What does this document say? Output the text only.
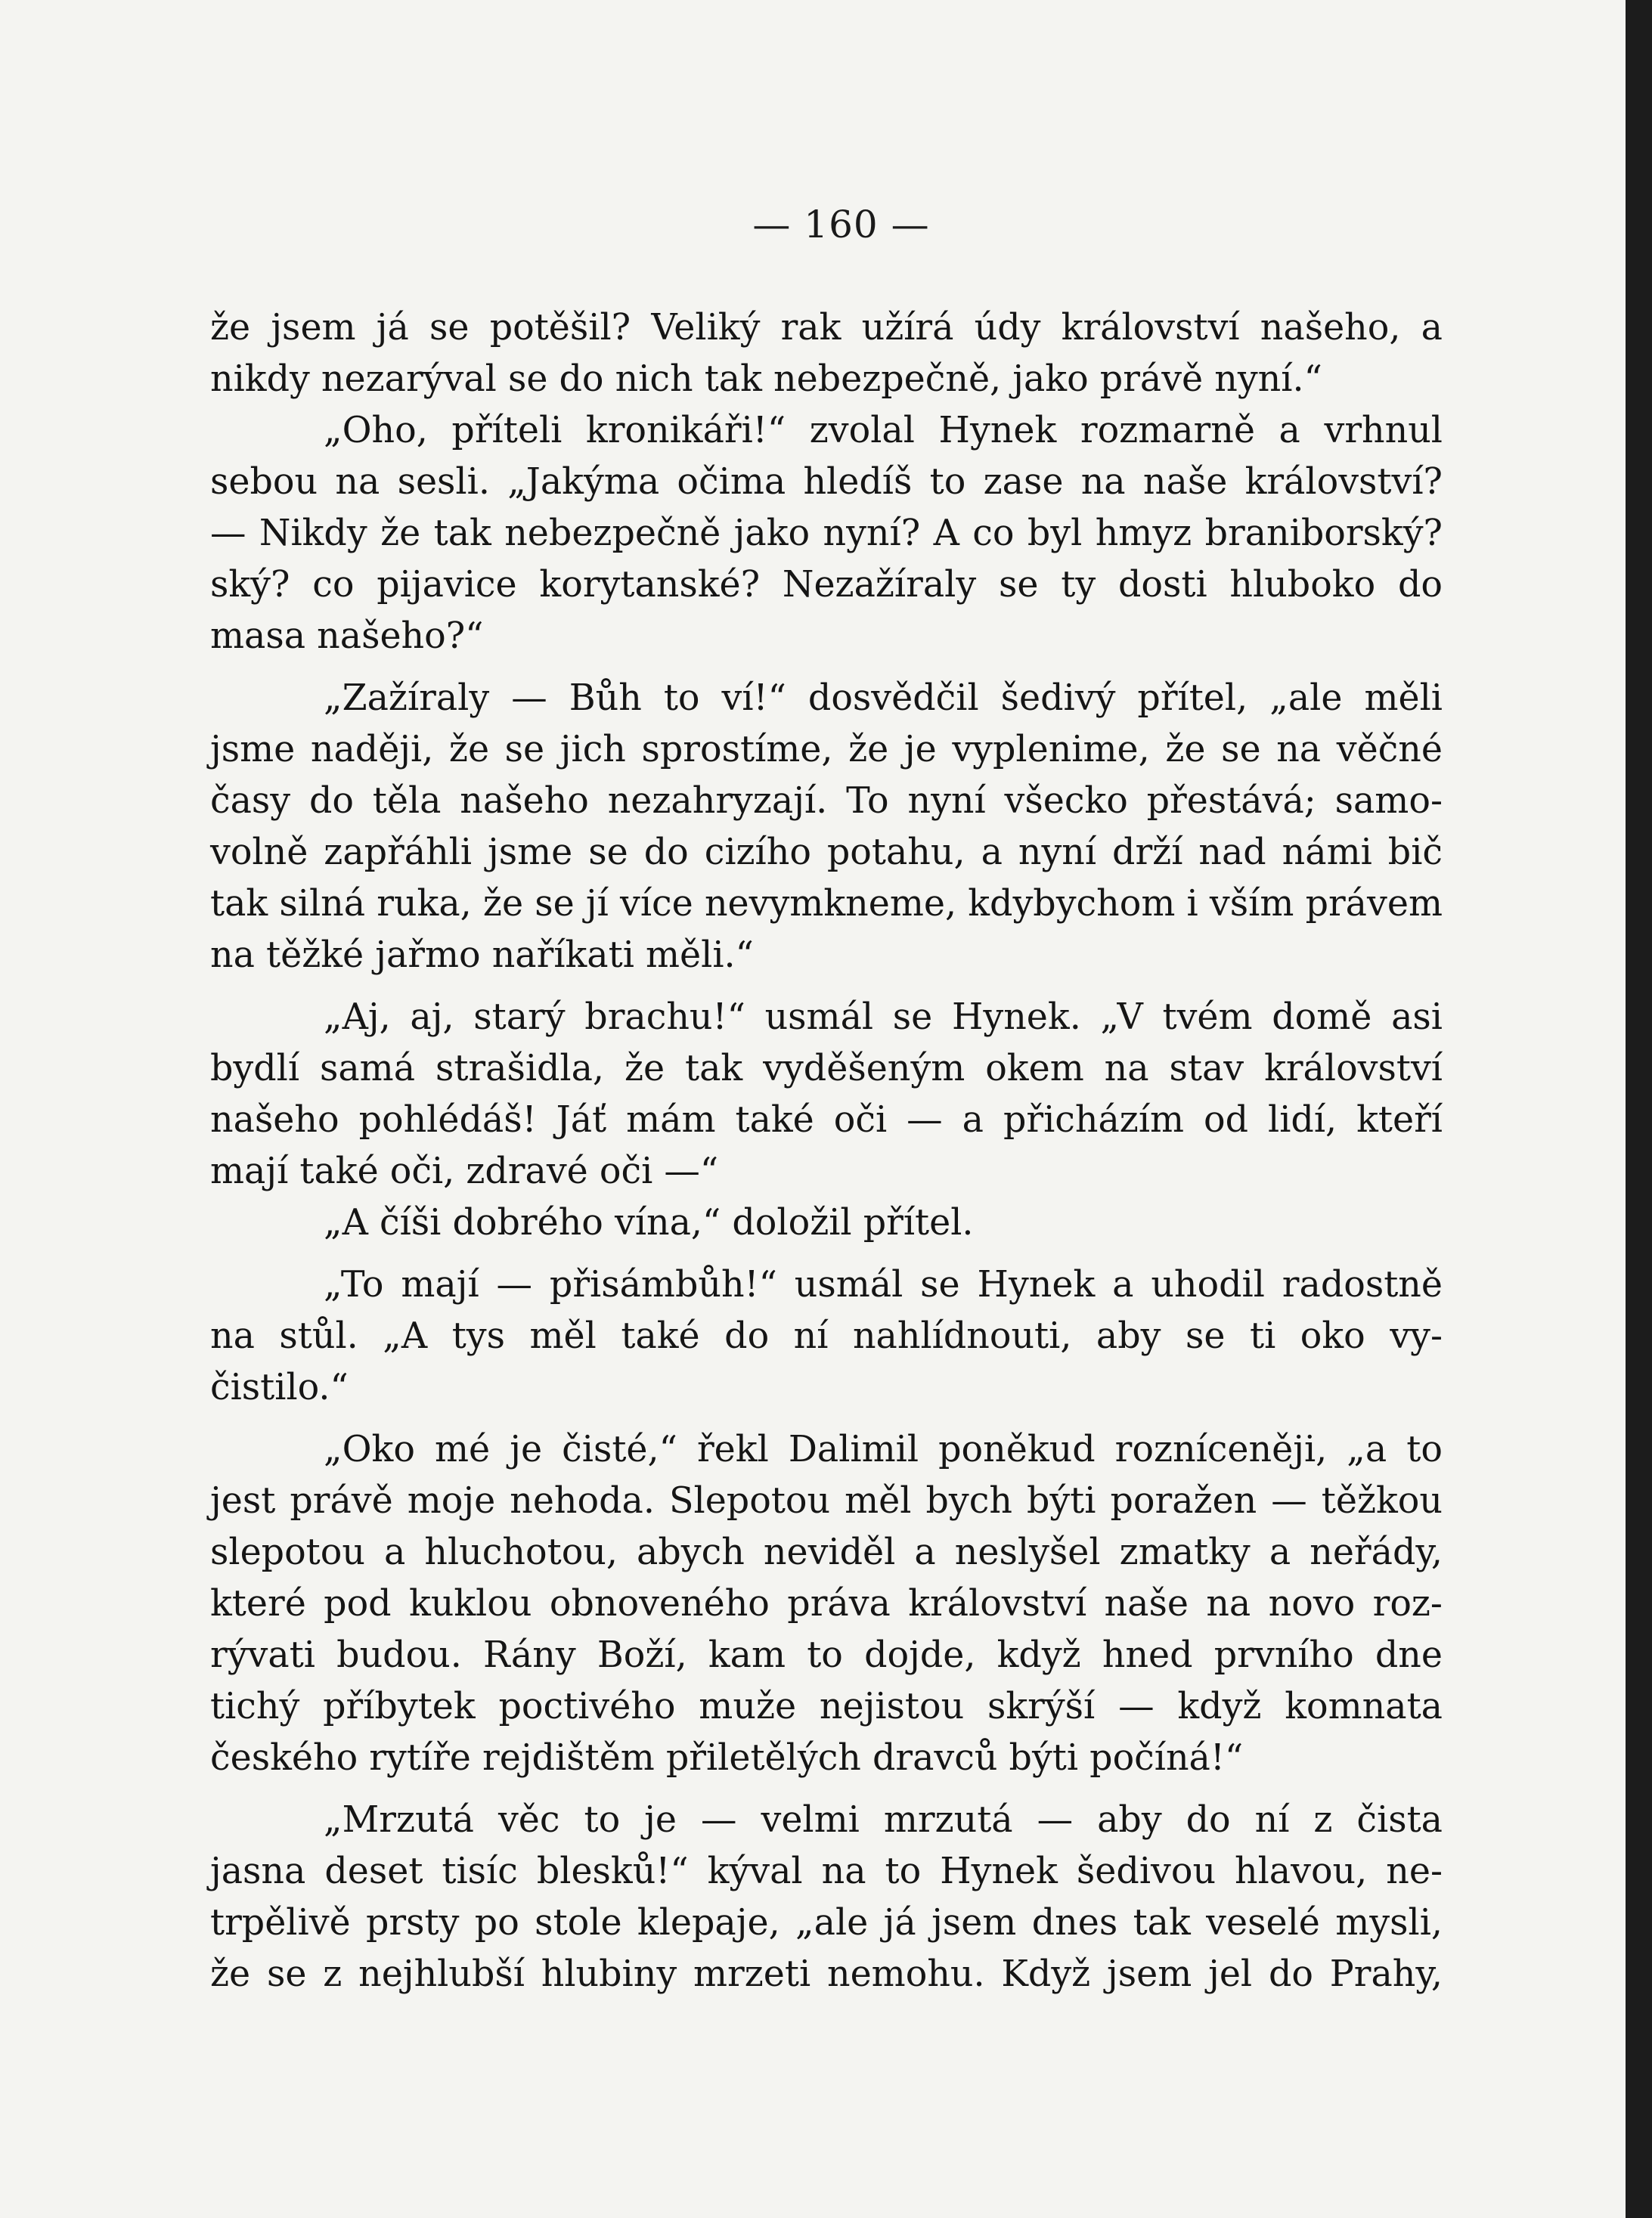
— 160 —
že jsem já se potěšil? Veliký rak užírá údy království našeho, a
nikdy nezarýval se do nich tak nebezpečně, jako právě nyní.“
„Oho, příteli kronikáři!“ zvolal Hynek rozmarně a vrhnul
sebou na sesli. „Jakýma očima hledíš to zase na naše království?
— Nikdy že tak nebezpečně jako nyní? A co byl hmyz braniborský?
ský? co pijavice korytanské? Nezažíraly se ty dosti hluboko do
masa našeho?“
„Zažíraly — Bůh to ví!“ dosvědčil šedivý přítel, „ale měli
jsme naději, že se jich sprostíme, že je vyplenime, že se na věčné
časy do těla našeho nezahryzají. To nyní všecko přestává; samo-
volně zapřáhli jsme se do cizího potahu, a nyní drží nad námi bič
tak silná ruka, že se jí více nevymkneme, kdybychom i vším právem
na těžké jařmo naříkati měli.“
„Aj, aj, starý brachu!“ usmál se Hynek. „V tvém domě asi
bydlí samá strašidla, že tak vyděšeným okem na stav království
našeho pohlédáš! Jáť mám také oči — a přicházím od lidí, kteří
mají také oči, zdravé oči —“
„A číši dobrého vína,“ doložil přítel.
„To mají — přisámbůh!“ usmál se Hynek a uhodil radostně
na stůl. „A tys měl také do ní nahlídnouti, aby se ti oko vy-
čistilo.“
„Oko mé je čisté,“ řekl Dalimil poněkud rozníceněji, „a to
jest právě moje nehoda. Slepotou měl bych býti poražen — těžkou
slepotou a hluchotou, abych neviděl a neslyšel zmatky a neřády,
které pod kuklou obnoveného práva království naše na novo roz-
rývati budou. Rány Boží, kam to dojde, když hned prvního dne
tichý příbytek poctivého muže nejistou skrýší — když komnata
českého rytíře rejdištěm přiletělých dravců býti počíná!“
„Mrzutá věc to je — velmi mrzutá — aby do ní z čista
jasna deset tisíc blesků!“ kýval na to Hynek šedivou hlavou, ne-
trpělivě prsty po stole klepaje, „ale já jsem dnes tak veselé mysli,
že se z nejhlubší hlubiny mrzeti nemohu. Když jsem jel do Prahy,
